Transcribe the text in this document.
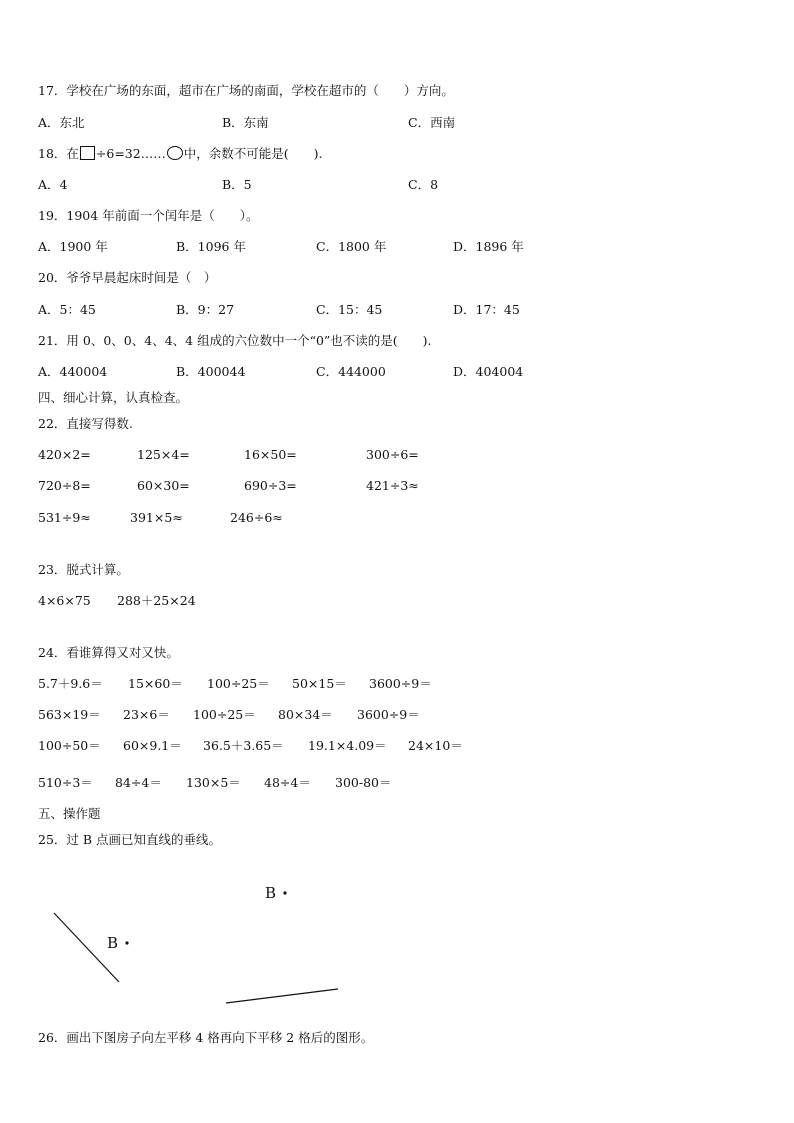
17．学校在广场的东面，超市在广场的南面，学校在超市的（　　）方向。
A．东北	B．东南	C．西南
18．在 ÷6=32…… 中，余数不可能是(　　).
A．4	B．5	C．8
19．1904 年前面一个闰年是（　　）。
A．1900 年	B．1096 年	C．1800 年	D．1896 年
20．爷爷早晨起床时间是（　）
A．5：45	B．9：27	C．15：45	D．17：45
21．用 0、0、0、4、4、4 组成的六位数中一个“0”也不读的是(　　).
A．440004	B．400044	C．444000	D．404004
四、细心计算，认真检查。
22．直接写得数.
420×2=	125×4=	16×50=	300÷6=
720÷8=	60×30=	690÷3=	421÷3≈
531÷9≈	391×5≈	246÷6≈
23．脱式计算。
4×6×75 288＋25×24
24．看谁算得又对又快。
5.7＋9.6＝ 15×60＝ 100÷25＝ 50×15＝ 3600÷9＝
563×19＝ 23×6＝ 100÷25＝ 80×34＝ 3600÷9＝
100÷50＝ 60×9.1＝ 36.5＋3.65＝ 19.1×4.09＝ 24×10＝
510÷3＝ 84÷4＝ 130×5＝ 48÷4＝ 300-80＝
五、操作题
25．过 B 点画已知直线的垂线。
B
B
26．画出下图房子向左平移 4 格再向下平移 2 格后的图形。
